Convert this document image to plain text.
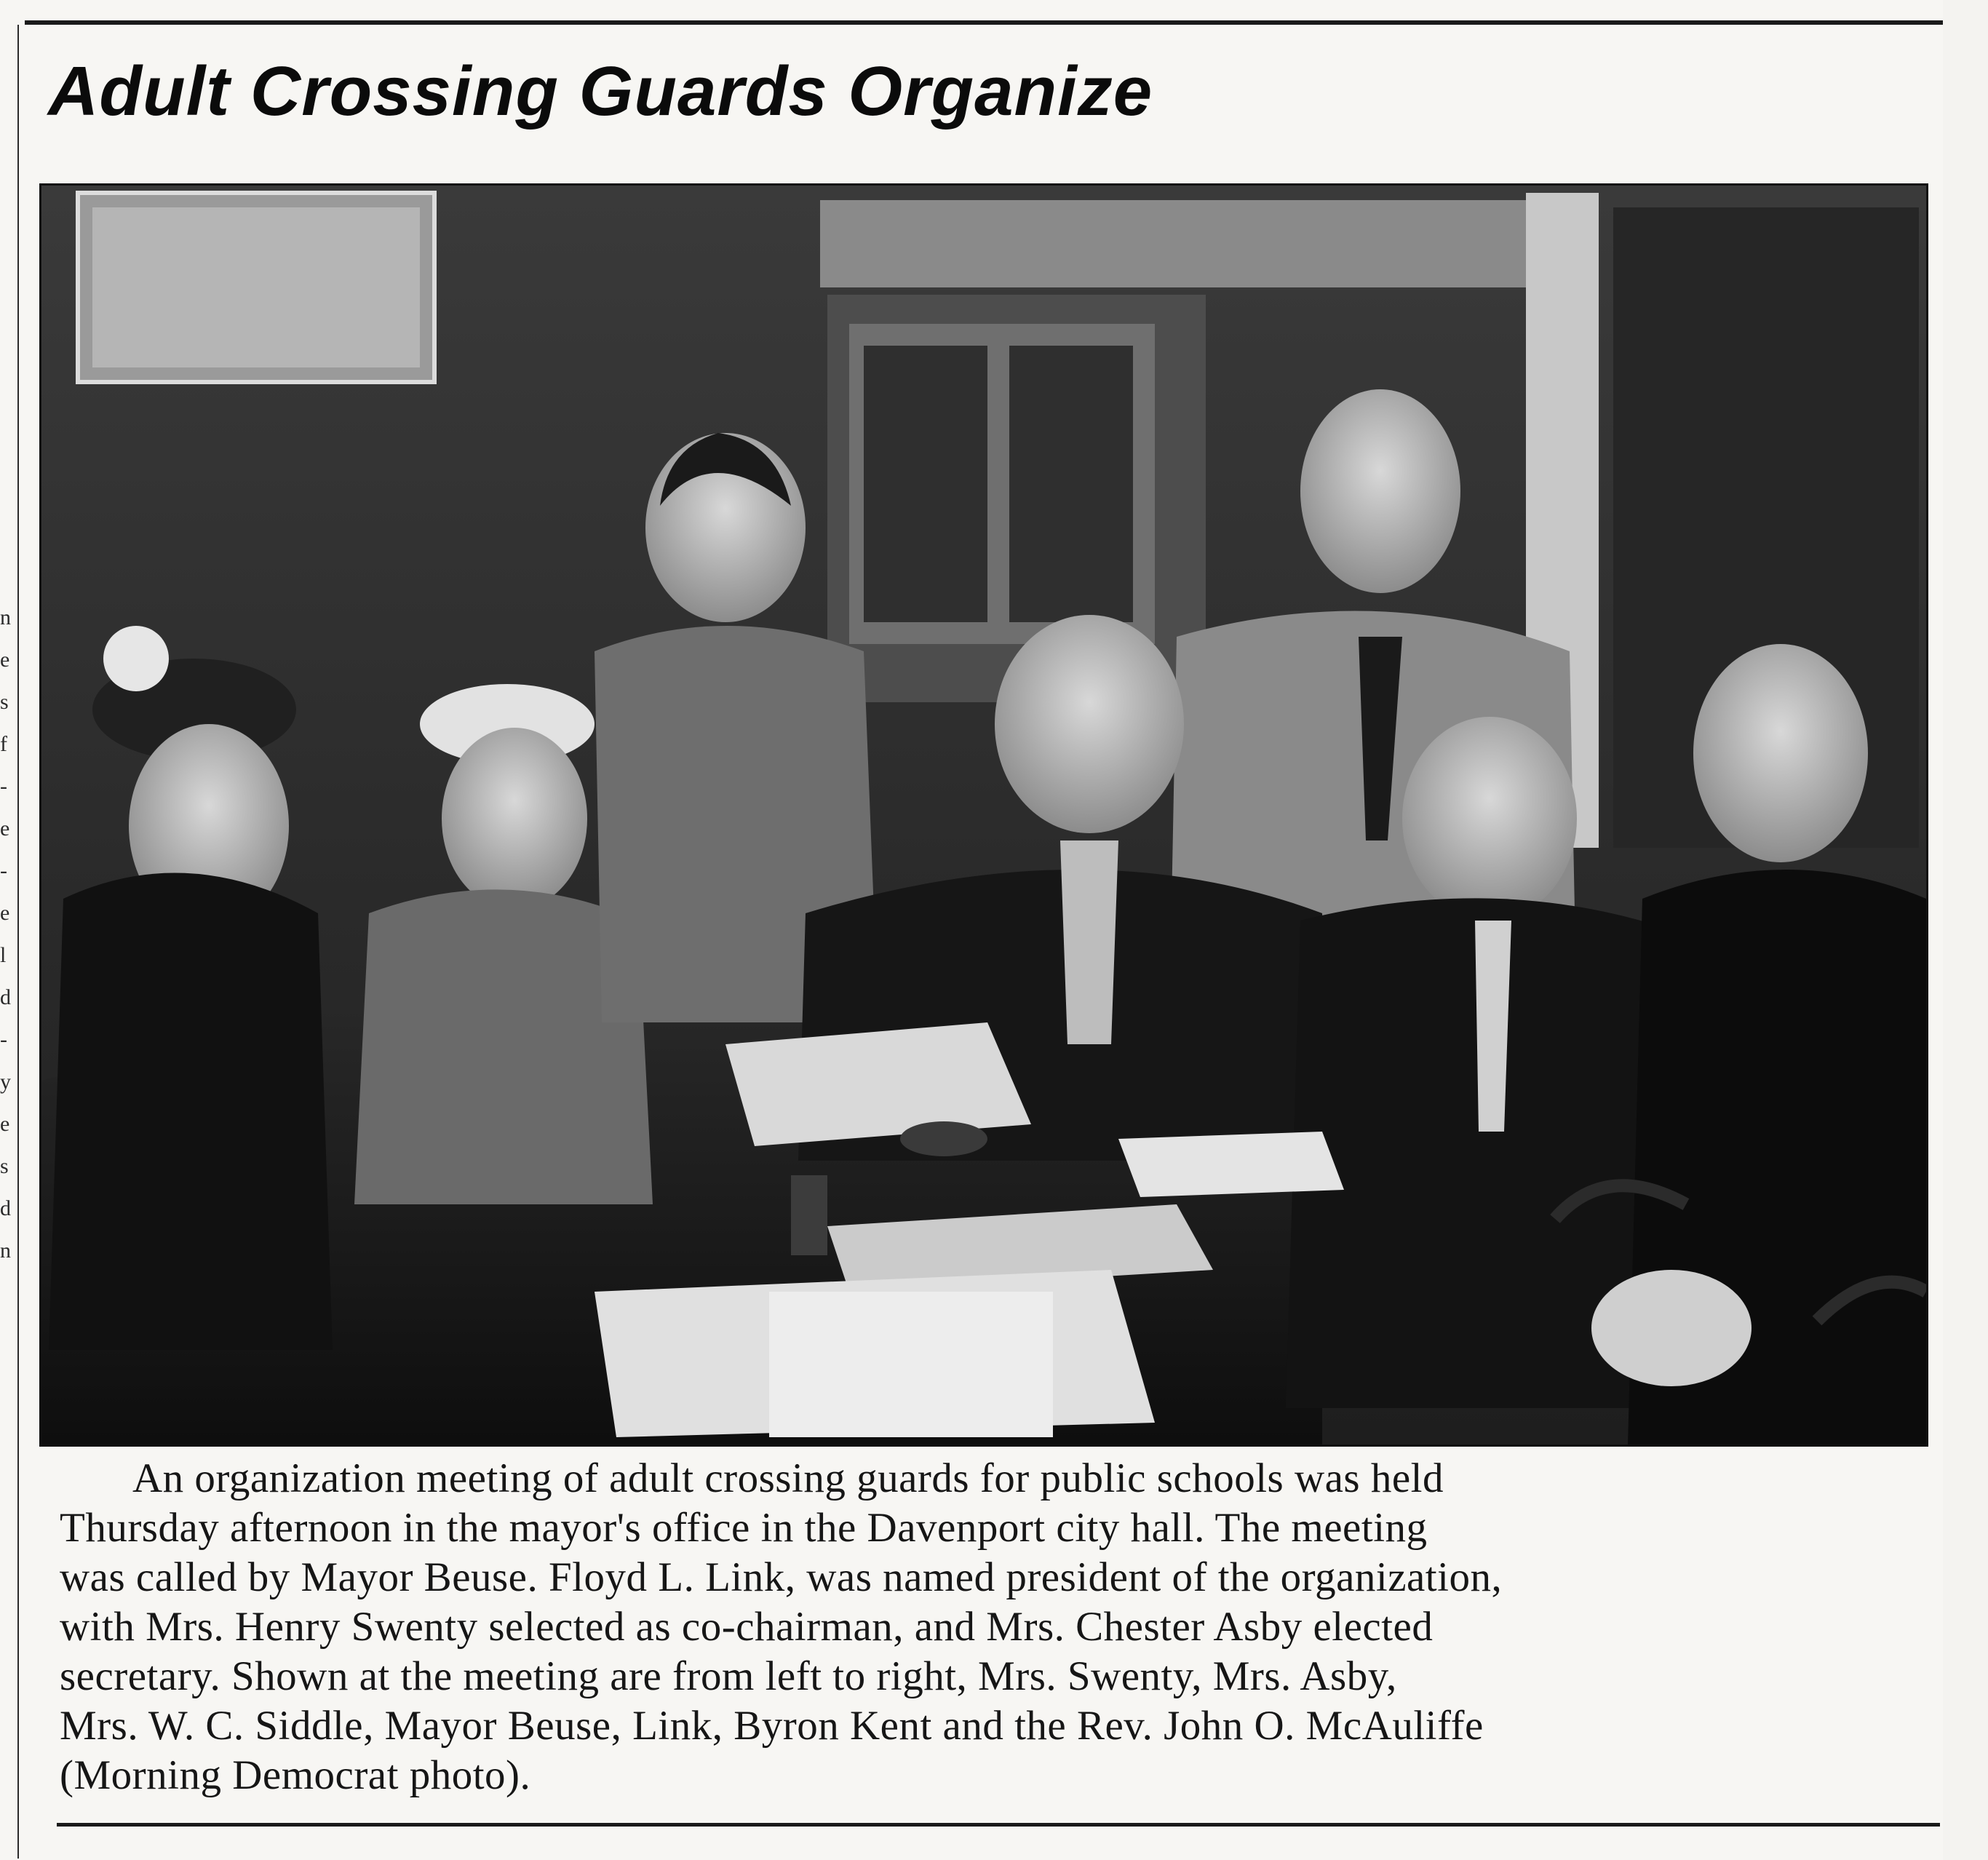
n
e
s
f
-
e
-
e
l
d
-
y
e
s
d
n
Adult Crossing Guards Organize
An organization meeting of adult crossing guards for public schools was held
Thursday afternoon in the mayor's office in the Davenport city hall. The meeting
was called by Mayor Beuse. Floyd L. Link, was named president of the organization,
with Mrs. Henry Swenty selected as co-chairman, and Mrs. Chester Asby elected
secretary. Shown at the meeting are from left to right, Mrs. Swenty, Mrs. Asby,
Mrs. W. C. Siddle, Mayor Beuse, Link, Byron Kent and the Rev. John O. McAuliffe
(Morning Democrat photo).
